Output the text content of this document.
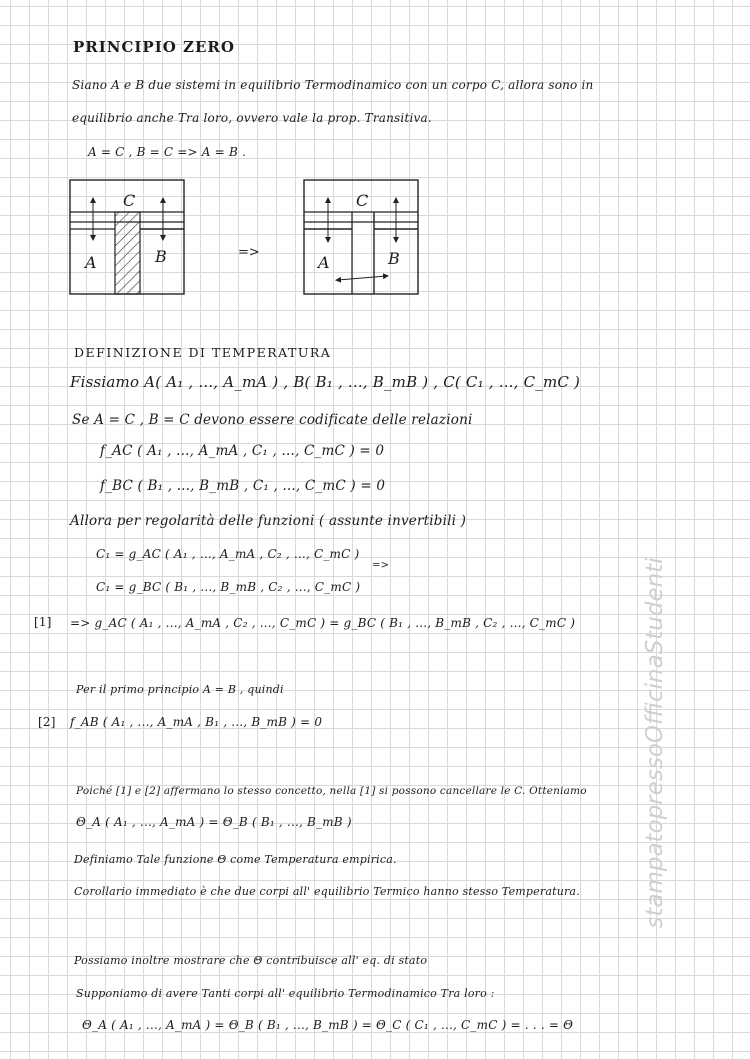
PRINCIPIO ZERO
Siano A e B due sistemi in equilibrio Termodinamico con un corpo C, allora sono in
equilibrio anche Tra loro, ovvero vale la prop. Transitiva.
A = C , B = C => A = B .
C
A	B	=>
C
A	B
DEFINIZIONE DI TEMPERATURA
Fissiamo A( A₁ , ..., A_mA ) , B( B₁ , ..., B_mB ) , C( C₁ , ..., C_mC )
Se A = C , B = C devono essere codificate delle relazioni
f_AC ( A₁ , ..., A_mA , C₁ , ..., C_mC ) = 0
f_BC ( B₁ , ..., B_mB , C₁ , ..., C_mC ) = 0
Allora per regolarità delle funzioni ( assunte invertibili )
C₁ = g_AC ( A₁ , ..., A_mA , C₂ , ..., C_mC )
=>
C₁ = g_BC ( B₁ , ..., B_mB , C₂ , ..., C_mC )
[1] => g_AC ( A₁ , ..., A_mA , C₂ , ..., C_mC ) = g_BC ( B₁ , ..., B_mB , C₂ , ..., C_mC )
Per il primo principio A = B , quindi
[2] f_AB ( A₁ , ..., A_mA , B₁ , ..., B_mB ) = 0
Poiché [1] e [2] affermano lo stesso concetto, nella [1] si possono cancellare le C. Otteniamo
Θ_A ( A₁ , ..., A_mA ) = Θ_B ( B₁ , ..., B_mB )
Definiamo Tale funzione Θ come Temperatura empirica.
Corollario immediato è che due corpi all' equilibrio Termico hanno stesso Temperatura.
Possiamo inoltre mostrare che Θ contribuisce all' eq. di stato
Supponiamo di avere Tanti corpi all' equilibrio Termodinamico Tra loro :
Θ_A ( A₁ , ..., A_mA ) = Θ_B ( B₁ , ..., B_mB ) = Θ_C ( C₁ , ..., C_mC ) = . . . = Θ
stampatopressoOfficinaStudenti
